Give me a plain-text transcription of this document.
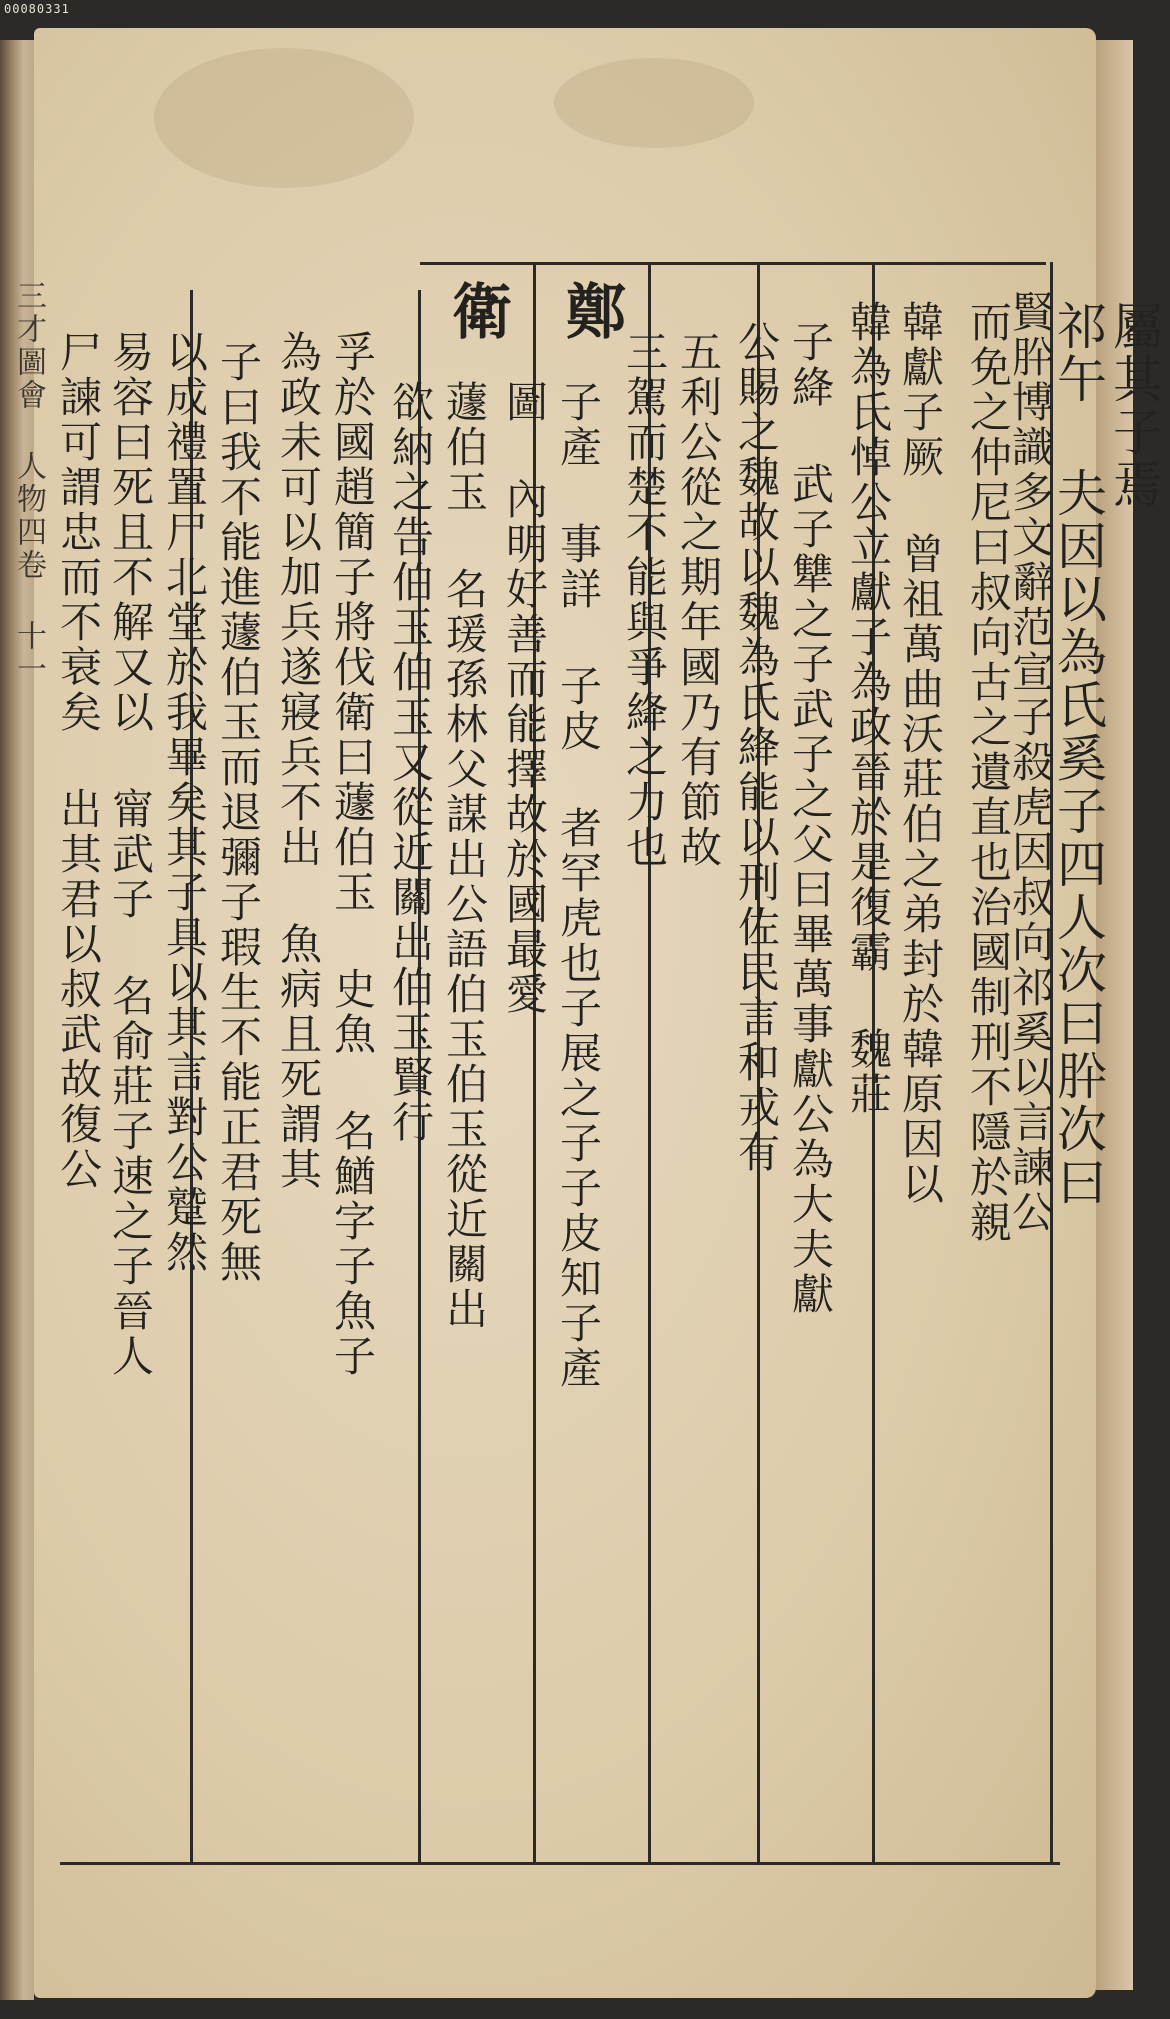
00080331
三才圖會 人物四卷 十一	屬其子焉
祁午 夫因以為氏奚子四人次曰肸次曰
賢肸博識多文辭范宣子殺虎因叔向祁奚以言諫公
而免之仲尼曰叔向古之遺直也治國制刑不隱於親
韓獻子厥 曾祖萬曲沃莊伯之弟封於韓原因以
韓為氏悼公立獻子為政晉於是復霸 魏莊
子絳 武子犨之子武子之父曰畢萬事獻公為大夫獻
公賜之魏故以魏為氏絳能以刑佐民言和戎有
五利公從之期年國乃有節故
三駕而楚不能與爭絳之力也
鄭
子產 事詳 子皮 者罕虎也子展之子子皮知子產
圖 內明好善而能擇故於國最愛
衛
蘧伯玉 名瑗孫林父謀出公語伯玉伯玉從近關出
欲納之告伯玉伯玉又從近關出伯玉賢行
孚於國趙簡子將伐衛曰蘧伯玉 史魚 名鰌字子魚子
為政未可以加兵遂寢兵不出 魚病且死謂其
子曰我不能進蘧伯玉而退彌子瑕生不能正君死無
以成禮置尸北堂於我畢矣其子具以其言對公蹵然
易容曰死且不解又以 甯武子 名俞莊子速之子晉人
尸諫可謂忠而不衰矣 出其君以叔武故復公
